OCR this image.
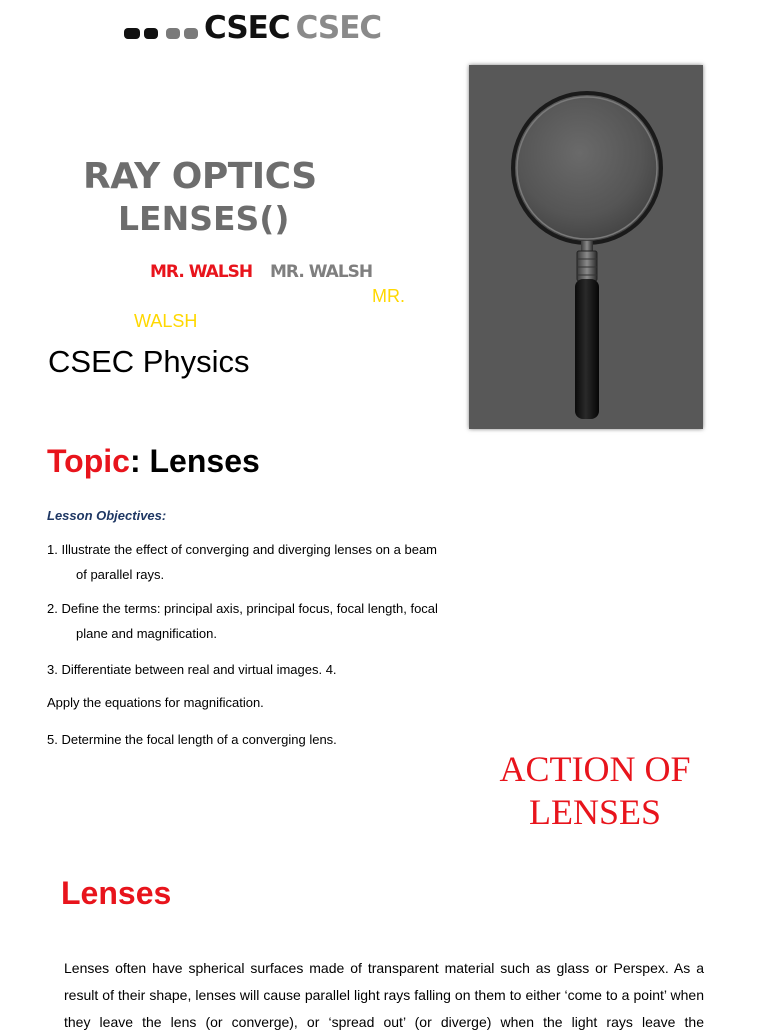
CSEC CSEC
RAY OPTICS
LENSES()
MR. WALSH MR. WALSH
MR.
WALSH
CSEC Physics
Topic: Lenses
Lesson Objectives:
1. Illustrate the effect of converging and diverging lenses on a beam
of parallel rays.
2. Define the terms: principal axis, principal focus, focal length, focal
plane and magnification.
3. Differentiate between real and virtual images. 4.
Apply the equations for magnification.
5. Determine the focal length of a converging lens.
ACTION OF LENSES
Lenses
Lenses often have spherical surfaces made of transparent material such as glass or Perspex. As a result of their shape, lenses will cause parallel light rays falling on them to either ‘come to a point’ when they leave the lens (or converge), or ‘spread out’ (or diverge) when the light rays leave the
